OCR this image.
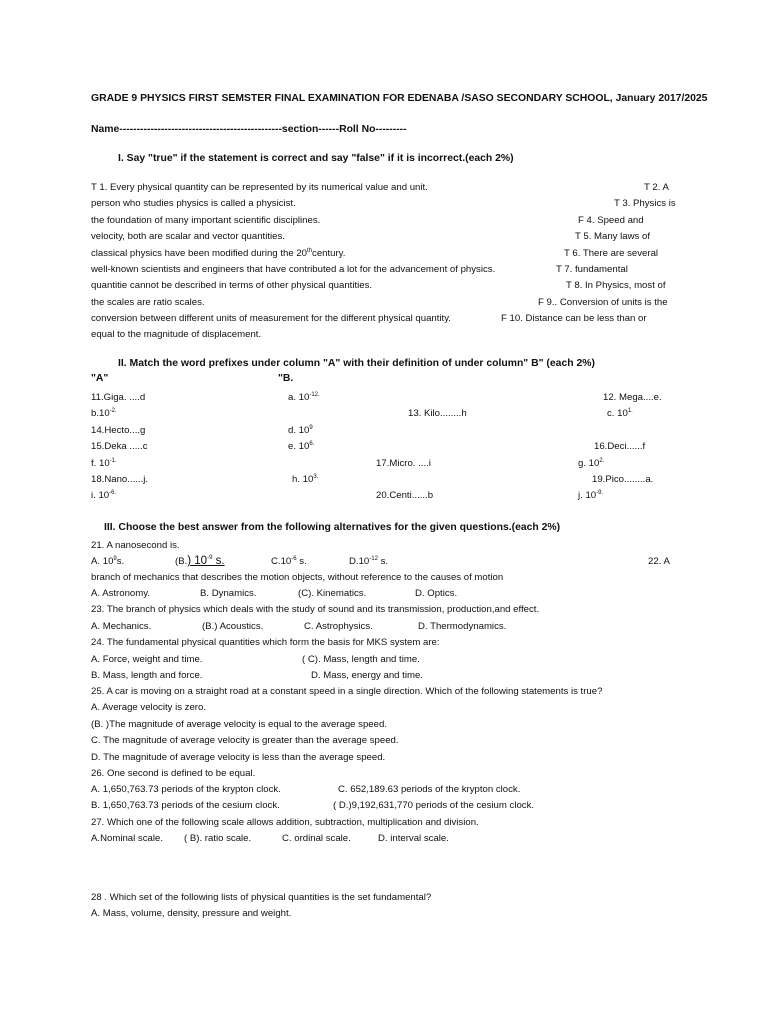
GRADE 9 PHYSICS FIRST SEMSTER FINAL EXAMINATION FOR EDENABA /SASO SECONDARY SCHOOL, January 2017/2025
Name-----------------------------------------------section------Roll No---------
I. Say "true" if the statement is correct and say "false" if it is incorrect.(each 2%)
T 1. Every physical quantity can be represented by its numerical value and unit.	T 2. A
person who studies physics is called a physicist.	T 3. Physics is
the foundation of many important scientific disciplines.	F 4. Speed and
velocity, both are scalar and vector quantities.	T 5. Many laws of
classical physics have been modified during the 20thcentury.	T 6. There are several
well-known scientists and engineers that have contributed a lot for the advancement of physics.	T 7. fundamental
quantitie cannot be described in terms of other physical quantities.	T 8. In Physics, most of
the scales are ratio scales.	F 9.. Conversion of units is the
conversion between different units of measurement for the different physical quantity.	F 10. Distance can be less than or
equal to the magnitude of displacement.
II. Match the word prefixes under column "A" with their definition of under column" B" (each 2%)
"A"	"B.
11.Giga. ....d	a. $10^{-12.}$	12. Mega....e.
$b.10^{-2.}$	13. Kilo........h	c. $10^{1.}$
14.Hecto....g	d. $10^9$
15.Deka .....c	e. $10^{6.}$	16.Deci......f
f. $10^{-1.}$	17.Micro. ....i	g. $10^{2.}$
18.Nano......j.	h. $10^{3.}$	19.Pico........a.
i. $10^{-6.}$	20.Centi......b	j. $10^{-9.}$
III. Choose the best answer from the following alternatives for the given questions.(each 2%)
21. A nanosecond is.
A. $10^9s$.	(B.) $10^{-9}$ s.	$C.10^{-6}$ s.	$D.10^{-12}$ s.	22. A
branch of mechanics that describes the motion objects, without reference to the causes of motion
A. Astronomy.	B. Dynamics.	(C). Kinematics.	D. Optics.
23. The branch of physics which deals with the study of sound and its transmission, production,and effect.
A. Mechanics.	(B.) Acoustics.	C. Astrophysics.	D. Thermodynamics.
24. The fundamental physical quantities which form the basis for MKS system are:
A. Force, weight and time.	( C). Mass, length and time.
B. Mass, length and force.	D. Mass, energy and time.
25. A car is moving on a straight road at a constant speed in a single direction. Which of the following statements is true?
A. Average velocity is zero.
(B. )The magnitude of average velocity is equal to the average speed.
C. The magnitude of average velocity is greater than the average speed.
D. The magnitude of average velocity is less than the average speed.
26. One second is defined to be equal.
A. 1,650,763.73 periods of the krypton clock.	C. 652,189.63 periods of the krypton clock.
B. 1,650,763.73 periods of the cesium clock.	( D.)9,192,631,770 periods of the cesium clock.
27. Which one of the following scale allows addition, subtraction, multiplication and division.
A.Nominal scale. ( B). ratio scale.	C. ordinal scale.	D. interval scale.
28 . Which set of the following lists of physical quantities is the set fundamental?
A. Mass, volume, density, pressure and weight.
